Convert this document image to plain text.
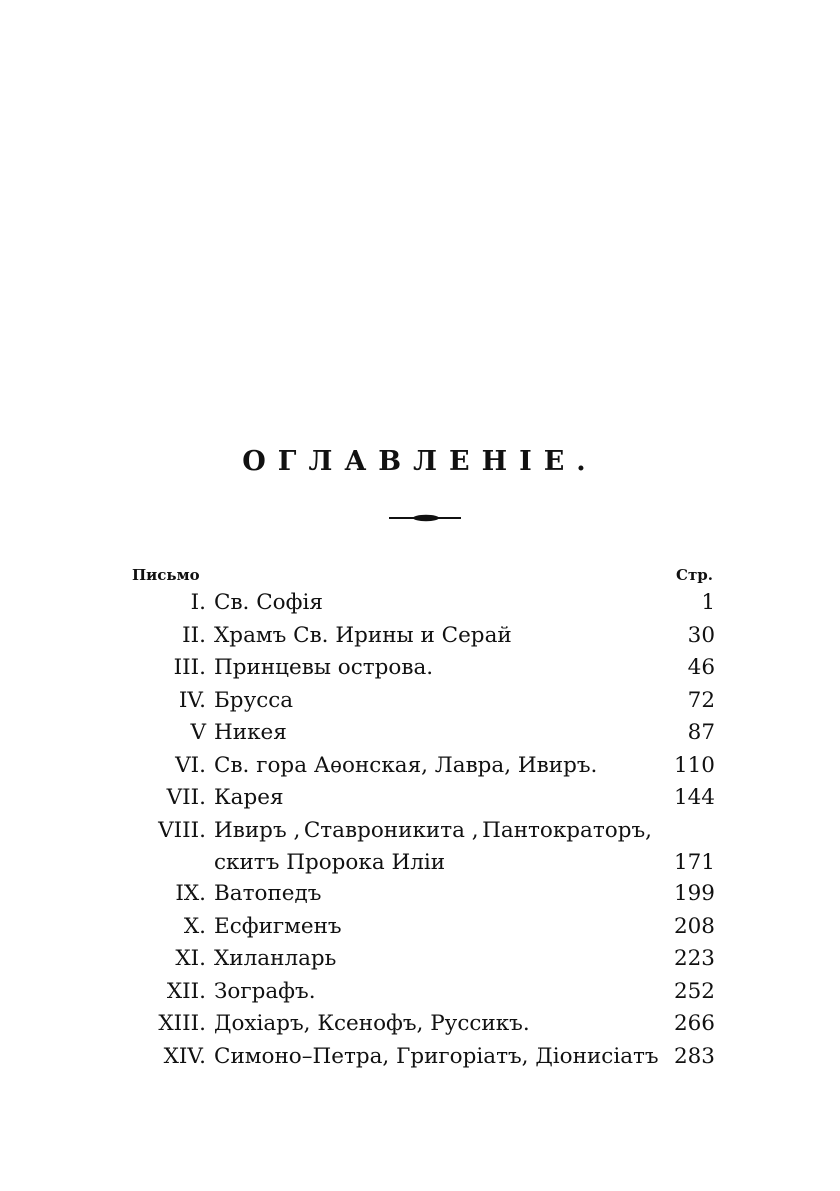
ОГЛАВЛЕНІЕ.
Письмо	Стр.
I. Св. Софія	1
II. Храмъ Св. Ирины и Серай	30
III. Принцевы острова.	46
IV. Брусса	72
V Никея	87
VI. Св. гора Аѳонская, Лавра, Ивиръ.	110
VII. Карея	144
VIII. Ивиръ , Ставроникита , Пантократоръ,
скитъ Пророка Иліи	171
IX. Ватопедъ	199
X. Есфигменъ	208
XI. Хиланларь	223
XII. Зографъ.	252
XIII. Дохіаръ, Ксенофъ, Руссикъ.	266
XIV. Симоно–Петра, Григоріатъ, Діонисіатъ 283
